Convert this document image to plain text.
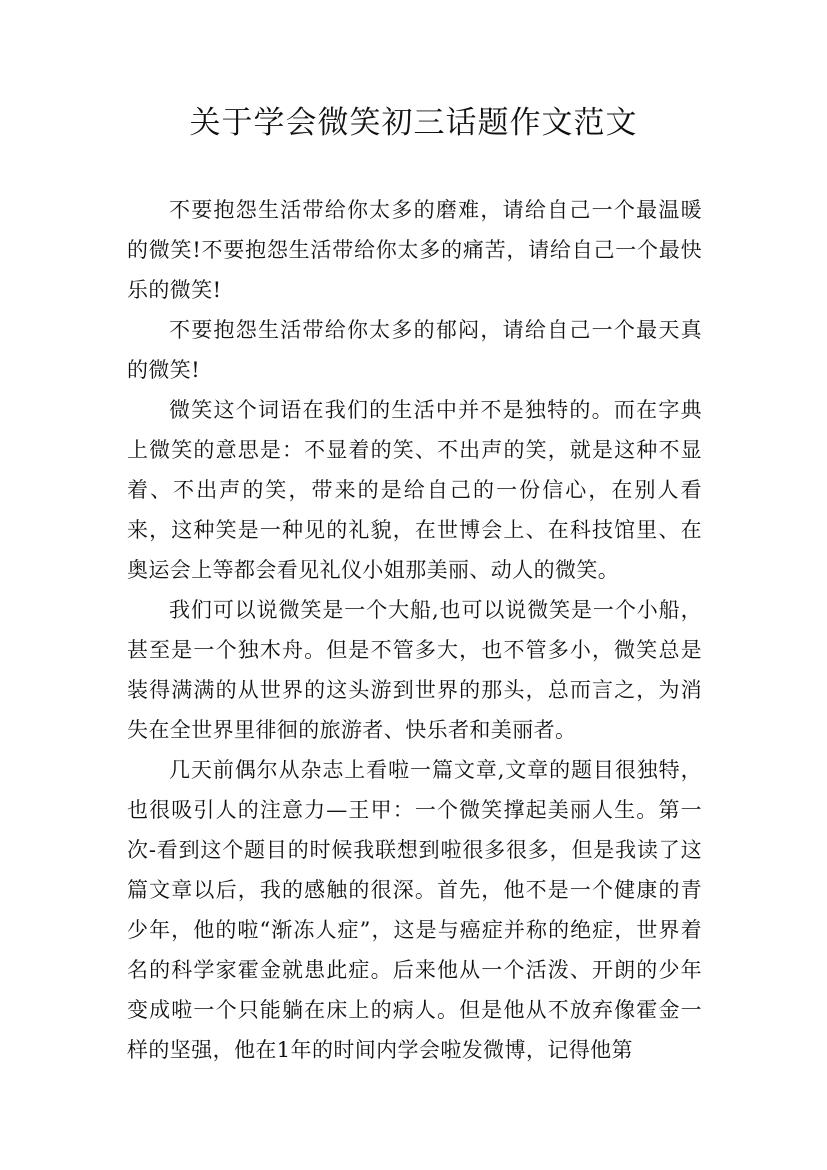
关于学会微笑初三话题作文范文

不要抱怨生活带给你太多的磨难，请给自己一个最温暖的微笑!不要抱怨生活带给你太多的痛苦，请给自己一个最快乐的微笑!

不要抱怨生活带给你太多的郁闷，请给自己一个最天真的微笑!

微笑这个词语在我们的生活中并不是独特的。而在字典上微笑的意思是：不显着的笑、不出声的笑，就是这种不显着、不出声的笑，带来的是给自己的一份信心，在别人看来，这种笑是一种见的礼貌，在世博会上、在科技馆里、在奥运会上等都会看见礼仪小姐那美丽、动人的微笑。

我们可以说微笑是一个大船,也可以说微笑是一个小船，甚至是一个独木舟。但是不管多大，也不管多小，微笑总是装得满满的从世界的这头游到世界的那头，总而言之，为消失在全世界里徘徊的旅游者、快乐者和美丽者。

几天前偶尔从杂志上看啦一篇文章,文章的题目很独特，也很吸引人的注意力—王甲：一个微笑撑起美丽人生。第一次-看到这个题目的时候我联想到啦很多很多，但是我读了这篇文章以后，我的感触的很深。首先，他不是一个健康的青少年，他的啦“渐冻人症”，这是与癌症并称的绝症，世界着名的科学家霍金就患此症。后来他从一个活泼、开朗的少年变成啦一个只能躺在床上的病人。但是他从不放弃像霍金一样的坚强，他在1年的时间内学会啦发微博，记得他第
